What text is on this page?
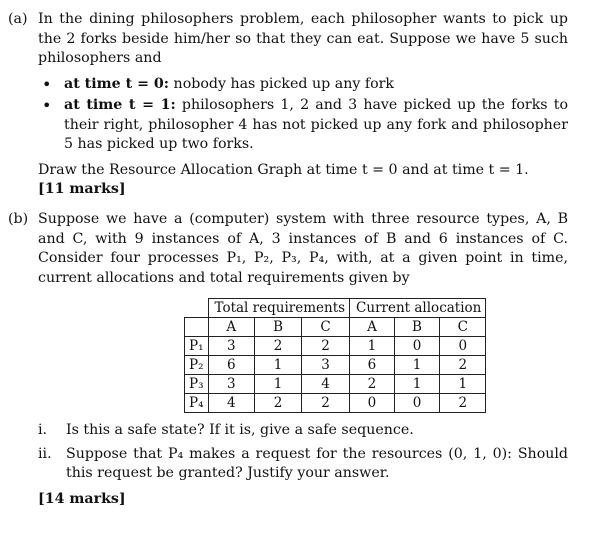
(a) In the dining philosophers problem, each philosopher wants to pick up the 2 forks beside him/her so that they can eat. Suppose we have 5 such philosophers and
• at time t = 0: nobody has picked up any fork
• at time t = 1: philosophers 1, 2 and 3 have picked up the forks to their right, philosopher 4 has not picked up any fork and philosopher 5 has picked up two forks.
Draw the Resource Allocation Graph at time t = 0 and at time t = 1.
[11 marks]
(b) Suppose we have a (computer) system with three resource types, A, B and C, with 9 instances of A, 3 instances of B and 6 instances of C. Consider four processes P₁, P₂, P₃, P₄, with, at a given point in time, current allocations and total requirements given by
	Total requirements			Current allocation		
	A	B	C	A	B	C
P₁	3	2	2	1	0	0
P₂	6	1	3	6	1	2
P₃	3	1	4	2	1	1
P₄	4	2	2	0	0	2
i. Is this a safe state? If it is, give a safe sequence.
ii. Suppose that P₄ makes a request for the resources (0, 1, 0): Should this request be granted? Justify your answer.
[14 marks]
